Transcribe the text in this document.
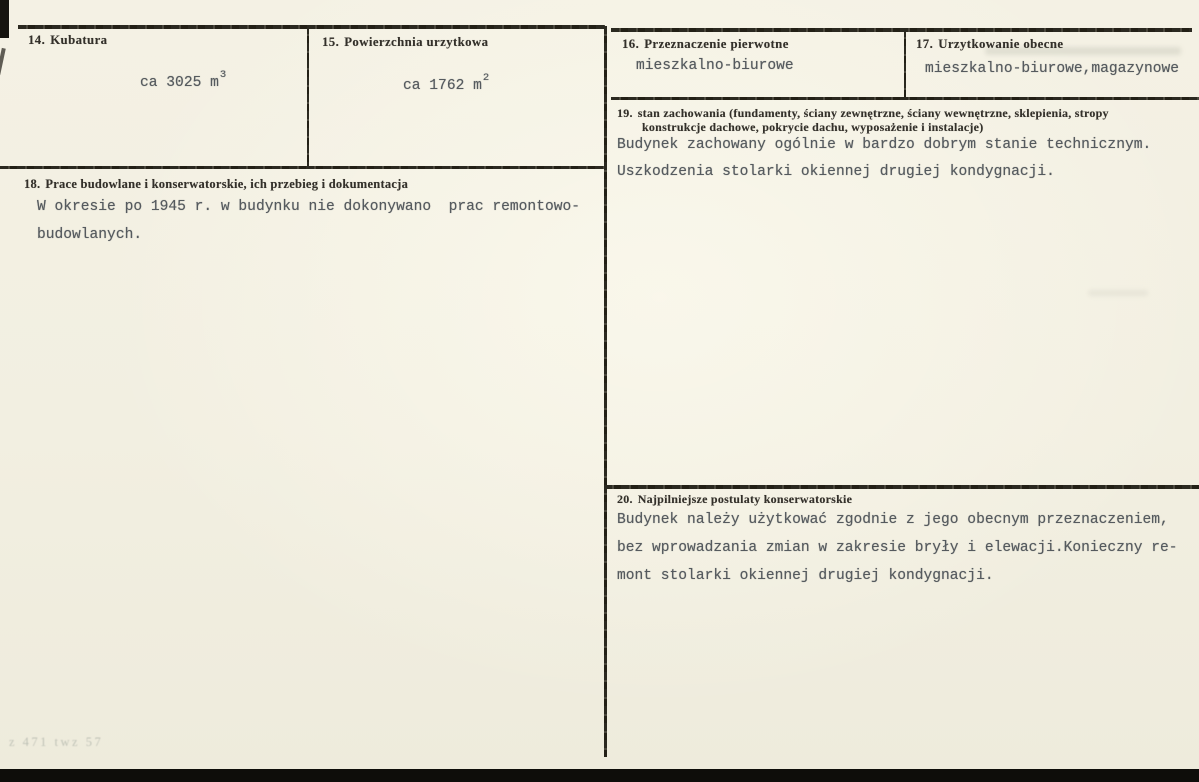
z 471 twz 57
14. Kubatura

ca 3025 $m^3$

15. Powierzchnia urzytkowa

ca 1762 $m^2$

16. Przeznaczenie pierwotne
mieszkalno-biurowe
17. Urzytkowanie obecne
mieszkalno-biurowe,magazynowe
19. stan zachowania (fundamenty, ściany zewnętrzne, ściany wewnętrzne, sklepienia, stropy
konstrukcje dachowe, pokrycie dachu, wyposażenie i instalacje)
Budynek zachowany ogólnie w bardzo dobrym stanie technicznym.
Uszkodzenia stolarki okiennej drugiej kondygnacji.
18. Prace budowlane i konserwatorskie, ich przebieg i dokumentacja
W okresie po 1945 r. w budynku nie dokonywano  prac remontowo-
budowlanych.
20. Najpilniejsze postulaty konserwatorskie
Budynek należy użytkować zgodnie z jego obecnym przeznaczeniem,
bez wprowadzania zmian w zakresie bryły i elewacji.Konieczny re-
mont stolarki okiennej drugiej kondygnacji.
